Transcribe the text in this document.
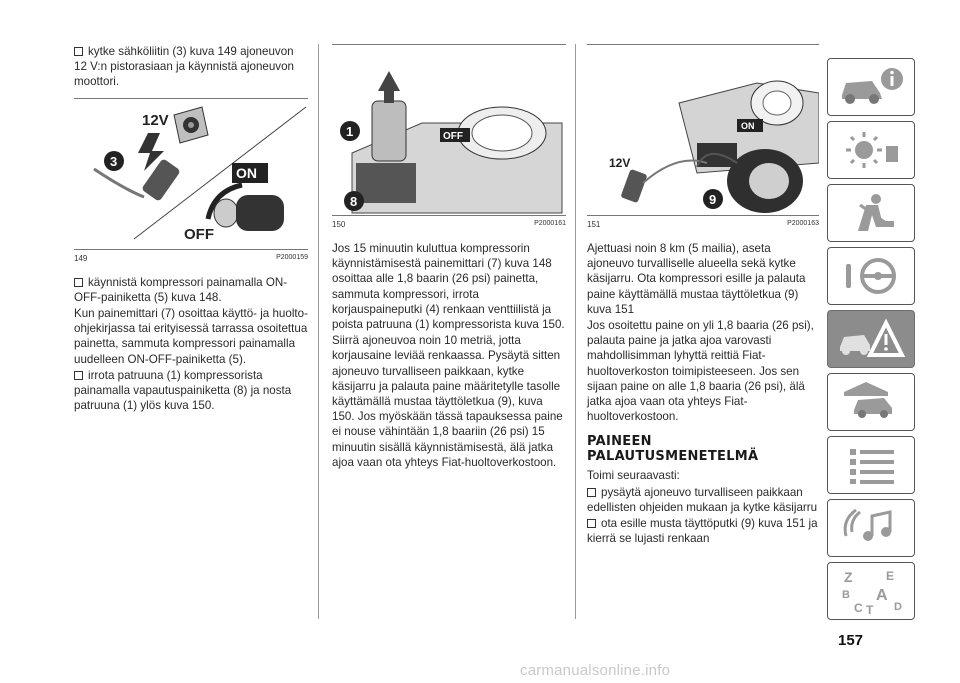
kytke sähköliitin (3) kuva 149 ajoneuvon 12 V:n pistorasiaan ja käynnistä ajoneuvon moottori.

12V
3
ON
OFF
149	P2000159

käynnistä kompressori painamalla ON-OFF-painiketta (5) kuva 148.

Kun painemittari (7) osoittaa käyttö- ja huolto-ohjekirjassa tai erityisessä tarrassa osoitettua painetta, sammuta kompressori painamalla uudelleen ON-OFF-painiketta (5).

irrota patruuna (1) kompressorista painamalla vapautuspainiketta (8) ja nosta patruuna (1) ylös kuva 150.

OFF
1
8
150	P2000161

Jos 15 minuutin kuluttua kompressorin käynnistämisestä painemittari (7) kuva 148 osoittaa alle 1,8 baarin (26 psi) painetta, sammuta kompressori, irrota korjauspaineputki (4) renkaan venttiilistä ja poista patruuna (1) kompressorista kuva 150.

Siirrä ajoneuvoa noin 10 metriä, jotta korjausaine leviää renkaassa. Pysäytä sitten ajoneuvo turvalliseen paikkaan, kytke käsijarru ja palauta paine määritetylle tasolle käyttämällä mustaa täyttöletkua (9), kuva 150. Jos myöskään tässä tapauksessa paine ei nouse vähintään 1,8 baariin (26 psi) 15 minuutin sisällä käynnistämisestä, älä jatka ajoa vaan ota yhteys Fiat-huoltoverkostoon.

ON
12V
9
151	P2000163

Ajettuasi noin 8 km (5 mailia), aseta ajoneuvo turvalliselle alueella sekä kytke käsijarru. Ota kompressori esille ja palauta paine käyttämällä mustaa täyttöletkua (9) kuva 151

Jos osoitettu paine on yli 1,8 baaria (26 psi), palauta paine ja jatka ajoa varovasti mahdollisimman lyhyttä reittiä Fiat-huoltoverkoston toimipisteeseen. Jos sen sijaan paine on alle 1,8 baaria (26 psi), älä jatka ajoa vaan ota yhteys Fiat-huoltoverkostoon.

PAINEEN PALAUTUSMENETELMÄ

Toimi seuraavasti:

pysäytä ajoneuvo turvalliseen paikkaan edellisten ohjeiden mukaan ja kytke käsijarru

ota esille musta täyttöputki (9) kuva 151 ja kierrä se lujasti renkaan

Z	E
B A
C	D
T
157
carmanualsonline.info
